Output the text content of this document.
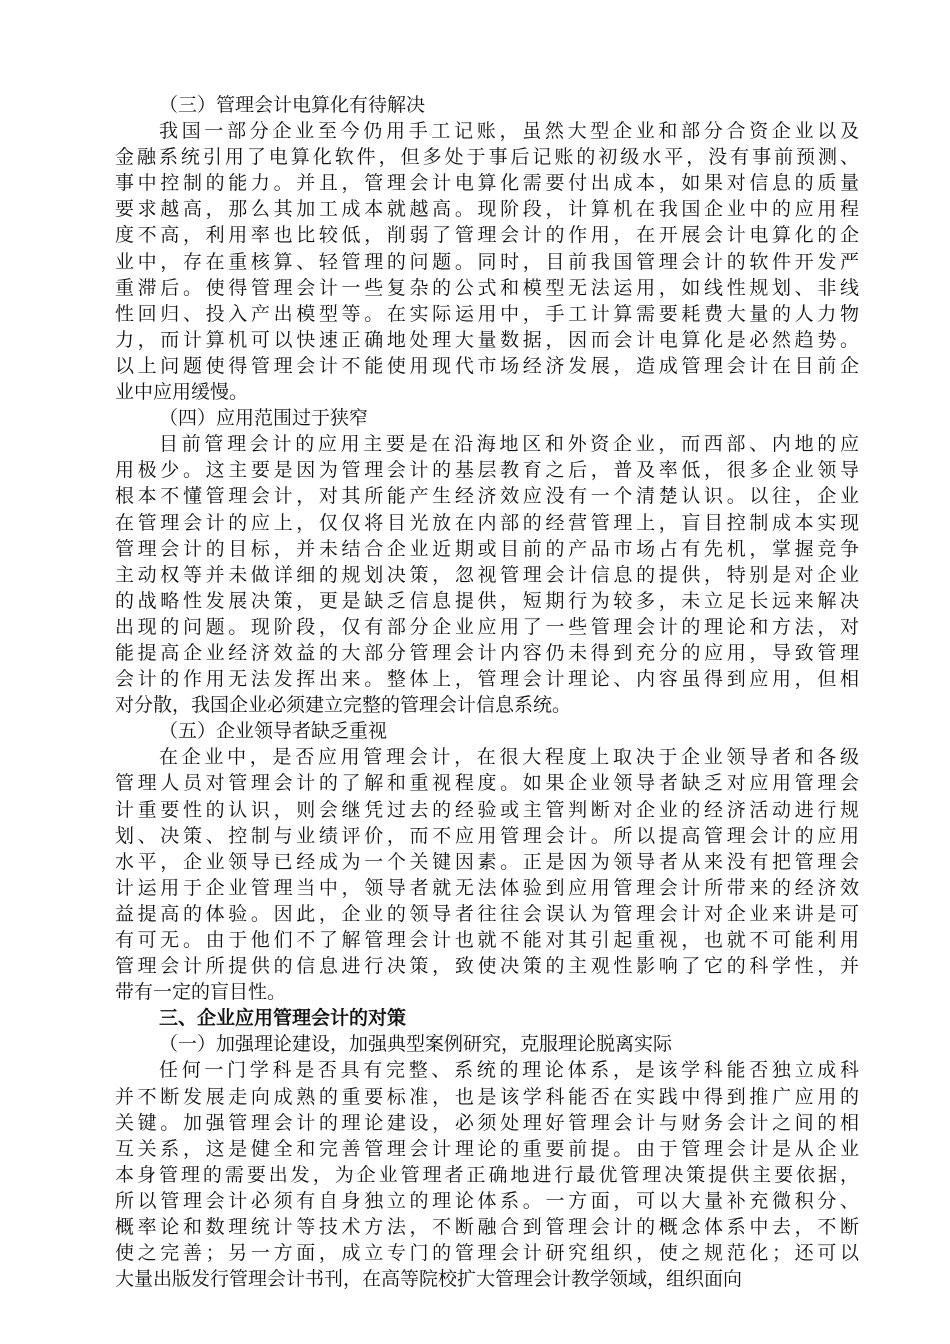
（三）管理会计电算化有待解决
我国一部分企业至今仍用手工记账，虽然大型企业和部分合资企业以及
金融系统引用了电算化软件，但多处于事后记账的初级水平，没有事前预测、
事中控制的能力。并且，管理会计电算化需要付出成本，如果对信息的质量
要求越高，那么其加工成本就越高。现阶段，计算机在我国企业中的应用程
度不高，利用率也比较低，削弱了管理会计的作用，在开展会计电算化的企
业中，存在重核算、轻管理的问题。同时，目前我国管理会计的软件开发严
重滞后。使得管理会计一些复杂的公式和模型无法运用，如线性规划、非线
性回归、投入产出模型等。在实际运用中，手工计算需要耗费大量的人力物
力，而计算机可以快速正确地处理大量数据，因而会计电算化是必然趋势。
以上问题使得管理会计不能使用现代市场经济发展，造成管理会计在目前企
业中应用缓慢。
（四）应用范围过于狭窄
目前管理会计的应用主要是在沿海地区和外资企业，而西部、内地的应
用极少。这主要是因为管理会计的基层教育之后，普及率低，很多企业领导
根本不懂管理会计，对其所能产生经济效应没有一个清楚认识。以往，企业
在管理会计的应上，仅仅将目光放在内部的经营管理上，盲目控制成本实现
管理会计的目标，并未结合企业近期或目前的产品市场占有先机，掌握竞争
主动权等并未做详细的规划决策，忽视管理会计信息的提供，特别是对企业
的战略性发展决策，更是缺乏信息提供，短期行为较多，未立足长远来解决
出现的问题。现阶段，仅有部分企业应用了一些管理会计的理论和方法，对
能提高企业经济效益的大部分管理会计内容仍未得到充分的应用，导致管理
会计的作用无法发挥出来。整体上，管理会计理论、内容虽得到应用，但相
对分散，我国企业必须建立完整的管理会计信息系统。
（五）企业领导者缺乏重视
在企业中，是否应用管理会计，在很大程度上取决于企业领导者和各级
管理人员对管理会计的了解和重视程度。如果企业领导者缺乏对应用管理会
计重要性的认识，则会继凭过去的经验或主管判断对企业的经济活动进行规
划、决策、控制与业绩评价，而不应用管理会计。所以提高管理会计的应用
水平，企业领导已经成为一个关键因素。正是因为领导者从来没有把管理会
计运用于企业管理当中，领导者就无法体验到应用管理会计所带来的经济效
益提高的体验。因此，企业的领导者往往会误认为管理会计对企业来讲是可
有可无。由于他们不了解管理会计也就不能对其引起重视，也就不可能利用
管理会计所提供的信息进行决策，致使决策的主观性影响了它的科学性，并
带有一定的盲目性。
三、企业应用管理会计的对策
（一）加强理论建设，加强典型案例研究，克服理论脱离实际
任何一门学科是否具有完整、系统的理论体系，是该学科能否独立成科
并不断发展走向成熟的重要标准，也是该学科能否在实践中得到推广应用的
关键。加强管理会计的理论建设，必须处理好管理会计与财务会计之间的相
互关系，这是健全和完善管理会计理论的重要前提。由于管理会计是从企业
本身管理的需要出发，为企业管理者正确地进行最优管理决策提供主要依据，
所以管理会计必须有自身独立的理论体系。一方面，可以大量补充微积分、
概率论和数理统计等技术方法，不断融合到管理会计的概念体系中去，不断
使之完善；另一方面，成立专门的管理会计研究组织，使之规范化；还可以
大量出版发行管理会计书刊，在高等院校扩大管理会计教学领域，组织面向
